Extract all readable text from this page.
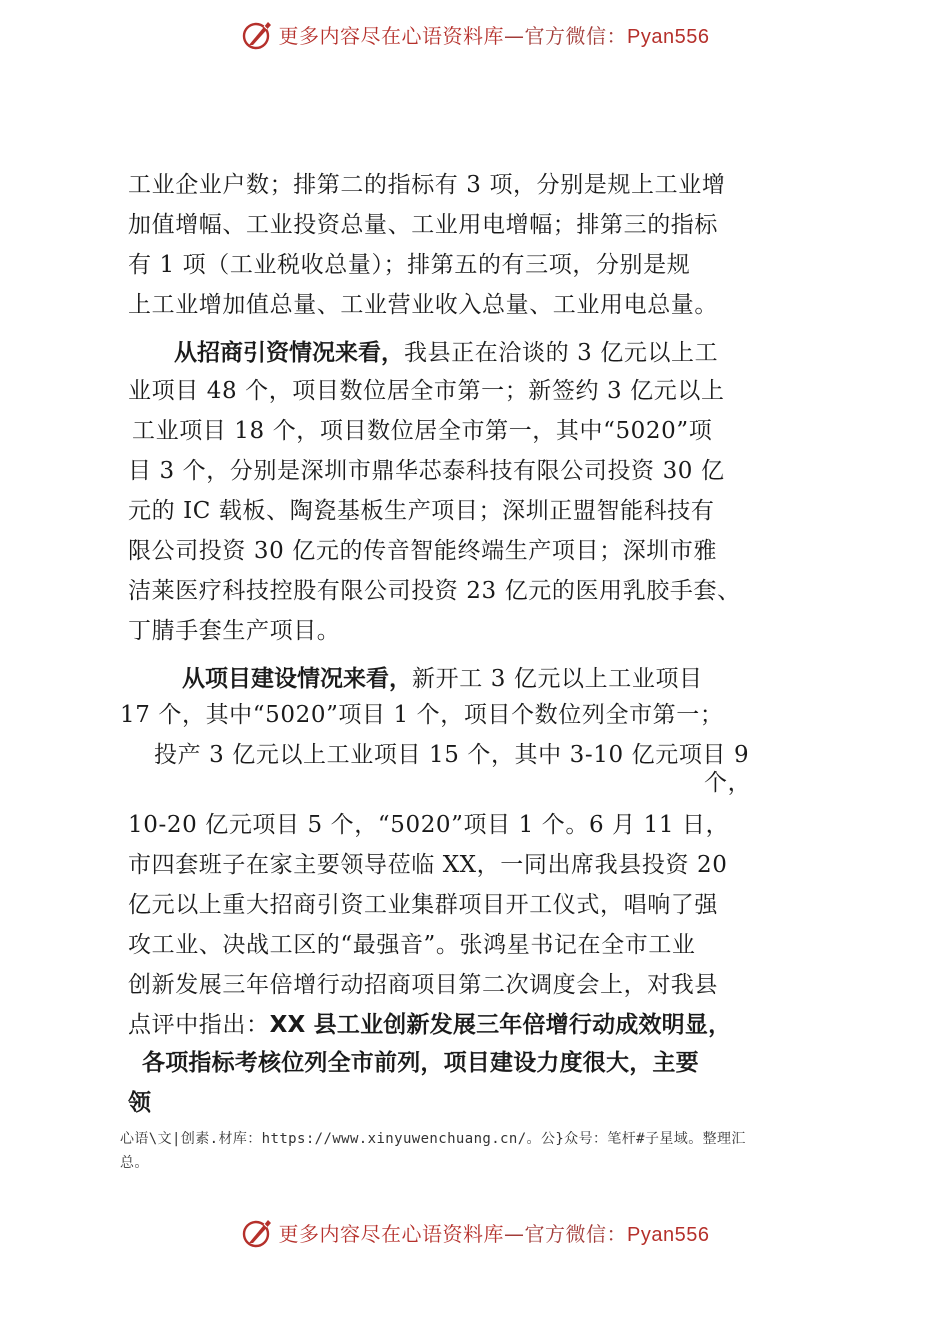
更多内容尽在心语资料库—官方微信：Pyan556
工业企业户数；排第二的指标有 3 项，分别是规上工业增
加值增幅、工业投资总量、工业用电增幅；排第三的指标
有 1 项（工业税收总量）；排第五的有三项，分别是规
上工业增加值总量、工业营业收入总量、工业用电总量。
从招商引资情况来看，我县正在洽谈的 3 亿元以上工
业项目 48 个，项目数位居全市第一；新签约 3 亿元以上
工业项目 18 个，项目数位居全市第一，其中“5020”项
目 3 个，分别是深圳市鼎华芯泰科技有限公司投资 30 亿
元的 IC 载板、陶瓷基板生产项目；深圳正盟智能科技有
限公司投资 30 亿元的传音智能终端生产项目；深圳市雅
洁莱医疗科技控股有限公司投资 23 亿元的医用乳胶手套、
丁腈手套生产项目。
从项目建设情况来看，新开工 3 亿元以上工业项目
17 个，其中“5020”项目 1 个，项目个数位列全市第一；
投产 3 亿元以上工业项目 15 个，其中 3-10 亿元项目 9
个，
10-20 亿元项目 5 个，“5020”项目 1 个。6 月 11 日，
市四套班子在家主要领导莅临 XX，一同出席我县投资 20
亿元以上重大招商引资工业集群项目开工仪式，唱响了强
攻工业、决战⼯区的“最强音”。张鸿星书记在全市工业
创新发展三年倍增行动招商项目第二次调度会上，对我县
点评中指出：XX 县工业创新发展三年倍增行动成效明显，
各项指标考核位列全市前列，项目建设力度很大，主要
领
心语\文|创素.材库：https://www.xinyuwenchuang.cn/。公}众号：笔杆#子星域。整理汇
总。
更多内容尽在心语资料库—官方微信：Pyan556
